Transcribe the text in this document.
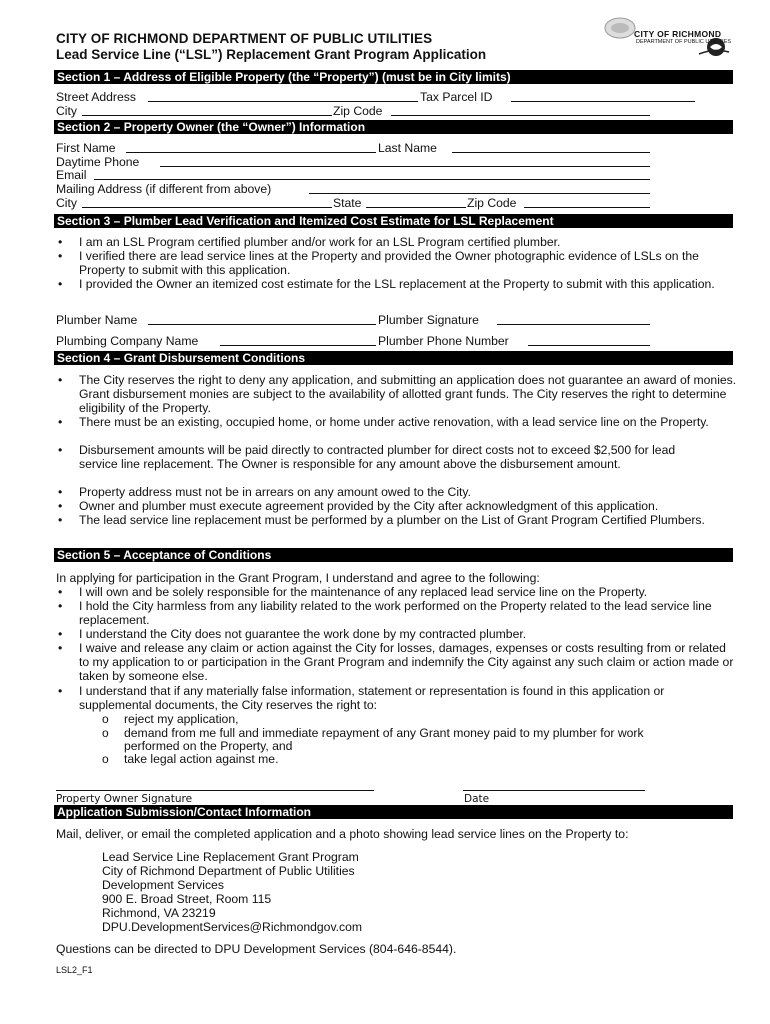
CITY OF RICHMOND DEPARTMENT OF PUBLIC UTILITIES
Lead Service Line (“LSL”) Replacement Grant Program Application
CITY OF RICHMOND
DEPARTMENT OF PUBLIC UTILITIES
Section 1 – Address of Eligible Property (the “Property”) (must be in City limits)
Street Address	Tax Parcel ID
City	Zip Code
Section 2 – Property Owner (the “Owner”) Information
First Name	Last Name
Daytime Phone
Email
Mailing Address (if different from above)
City	State	Zip Code
Section 3 – Plumber Lead Verification and Itemized Cost Estimate for LSL Replacement
• I am an LSL Program certified plumber and/or work for an LSL Program certified plumber.
• I verified there are lead service lines at the Property and provided the Owner photographic evidence of LSLs on the Property to submit with this application.
• I provided the Owner an itemized cost estimate for the LSL replacement at the Property to submit with this application.
Plumber Name	Plumber Signature
Plumbing Company Name	Plumber Phone Number
Section 4 – Grant Disbursement Conditions
• The City reserves the right to deny any application, and submitting an application does not guarantee an award of monies. Grant disbursement monies are subject to the availability of allotted grant funds. The City reserves the right to determine eligibility of the Property.
• There must be an existing, occupied home, or home under active renovation, with a lead service line on the Property.
• Disbursement amounts will be paid directly to contracted plumber for direct costs not to exceed $2,500 for lead service line replacement. The Owner is responsible for any amount above the disbursement amount.
• Property address must not be in arrears on any amount owed to the City.
• Owner and plumber must execute agreement provided by the City after acknowledgment of this application.
• The lead service line replacement must be performed by a plumber on the List of Grant Program Certified Plumbers.
Section 5 – Acceptance of Conditions
In applying for participation in the Grant Program, I understand and agree to the following:
• I will own and be solely responsible for the maintenance of any replaced lead service line on the Property.
• I hold the City harmless from any liability related to the work performed on the Property related to the lead service line replacement.
• I understand the City does not guarantee the work done by my contracted plumber.
• I waive and release any claim or action against the City for losses, damages, expenses or costs resulting from or related to my application to or participation in the Grant Program and indemnify the City against any such claim or action made or taken by someone else.
• I understand that if any materially false information, statement or representation is found in this application or supplemental documents, the City reserves the right to:
o reject my application,
o demand from me full and immediate repayment of any Grant money paid to my plumber for work
performed on the Property, and
o take legal action against me.
Property Owner Signature	Date
Application Submission/Contact Information
Mail, deliver, or email the completed application and a photo showing lead service lines on the Property to:
Lead Service Line Replacement Grant Program
City of Richmond Department of Public Utilities
Development Services
900 E. Broad Street, Room 115
Richmond, VA 23219
DPU.DevelopmentServices@Richmondgov.com
Questions can be directed to DPU Development Services (804-646-8544).
LSL2_F1
